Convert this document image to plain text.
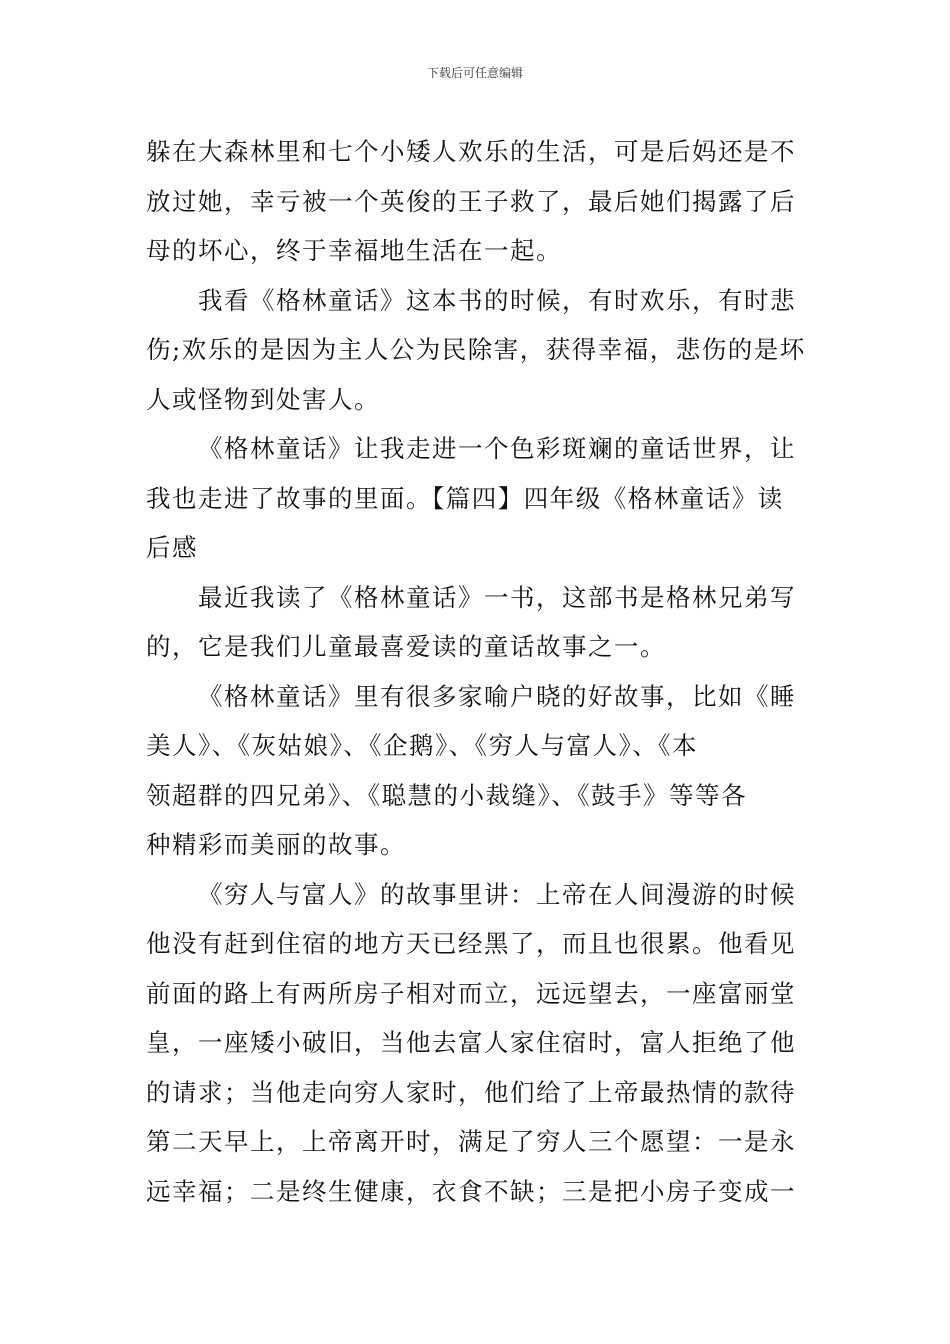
下载后可任意编辑
躲在大森林里和七个小矮人欢乐的生活，可是后妈还是不
放过她，幸亏被一个英俊的王子救了，最后她们揭露了后
母的坏心，终于幸福地生活在一起。
我看《格林童话》这本书的时候，有时欢乐，有时悲
伤;欢乐的是因为主人公为民除害，获得幸福，悲伤的是坏
人或怪物到处害人。
《格林童话》让我走进一个色彩斑斓的童话世界，让
我也走进了故事的里面。【篇四】四年级《格林童话》读
后感
最近我读了《格林童话》一书，这部书是格林兄弟写
的，它是我们儿童最喜爱读的童话故事之一。
《格林童话》里有很多家喻户晓的好故事，比如《睡
美人》、《灰姑娘》、《企鹅》、《穷人与富人》、《本
领超群的四兄弟》、《聪慧的小裁缝》、《鼓手》等等各
种精彩而美丽的故事。
《穷人与富人》的故事里讲：上帝在人间漫游的时候
他没有赶到住宿的地方天已经黑了，而且也很累。他看见
前面的路上有两所房子相对而立，远远望去，一座富丽堂
皇，一座矮小破旧，当他去富人家住宿时，富人拒绝了他
的请求；当他走向穷人家时，他们给了上帝最热情的款待
第二天早上，上帝离开时，满足了穷人三个愿望：一是永
远幸福；二是终生健康，衣食不缺；三是把小房子变成一
